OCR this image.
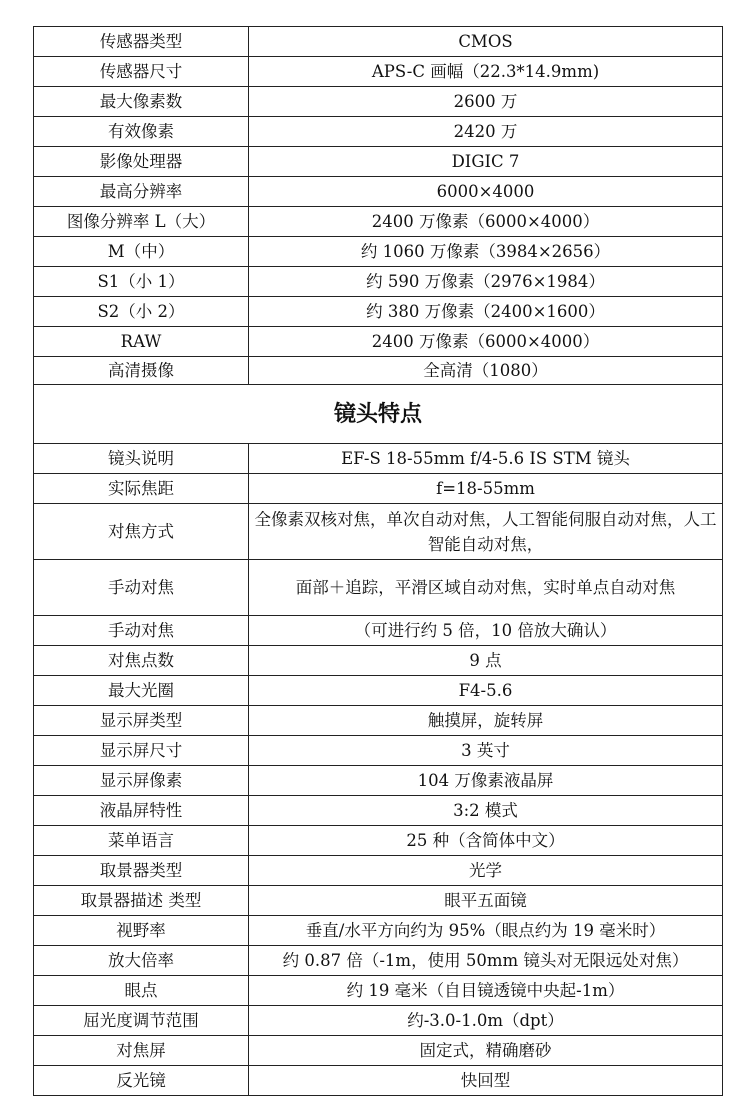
传感器类型	CMOS
传感器尺寸	APS-C 画幅（22.3*14.9mm)
最大像素数	2600 万
有效像素	2420 万
影像处理器	DIGIC 7
最高分辨率	6000×4000
图像分辨率 L（大）	2400 万像素（6000×4000）
M（中）	约 1060 万像素（3984×2656）
S1（小 1）	约 590 万像素（2976×1984）
S2（小 2）	约 380 万像素（2400×1600）
RAW	2400 万像素（6000×4000）
高清摄像	全高清（1080）
镜头特点	
镜头说明	EF-S 18-55mm f/4-5.6 IS STM 镜头
实际焦距	f=18-55mm
对焦方式	全像素双核对焦，单次自动对焦，人工智能伺服自动对焦，人工智能自动对焦，
手动对焦	面部＋追踪，平滑区域自动对焦，实时单点自动对焦
手动对焦	（可进行约 5 倍，10 倍放大确认）
对焦点数	9 点
最大光圈	F4-5.6
显示屏类型	触摸屏，旋转屏
显示屏尺寸	3 英寸
显示屏像素	104 万像素液晶屏
液晶屏特性	3:2 模式
菜单语言	25 种（含简体中文）
取景器类型	光学
取景器描述 类型	眼平五面镜
视野率	垂直/水平方向约为 95%（眼点约为 19 毫米时）
放大倍率	约 0.87 倍（-1m，使用 50mm 镜头对无限远处对焦）
眼点	约 19 毫米（自目镜透镜中央起-1m）
屈光度调节范围	约-3.0-1.0m（dpt）
对焦屏	固定式，精确磨砂
反光镜	快回型
